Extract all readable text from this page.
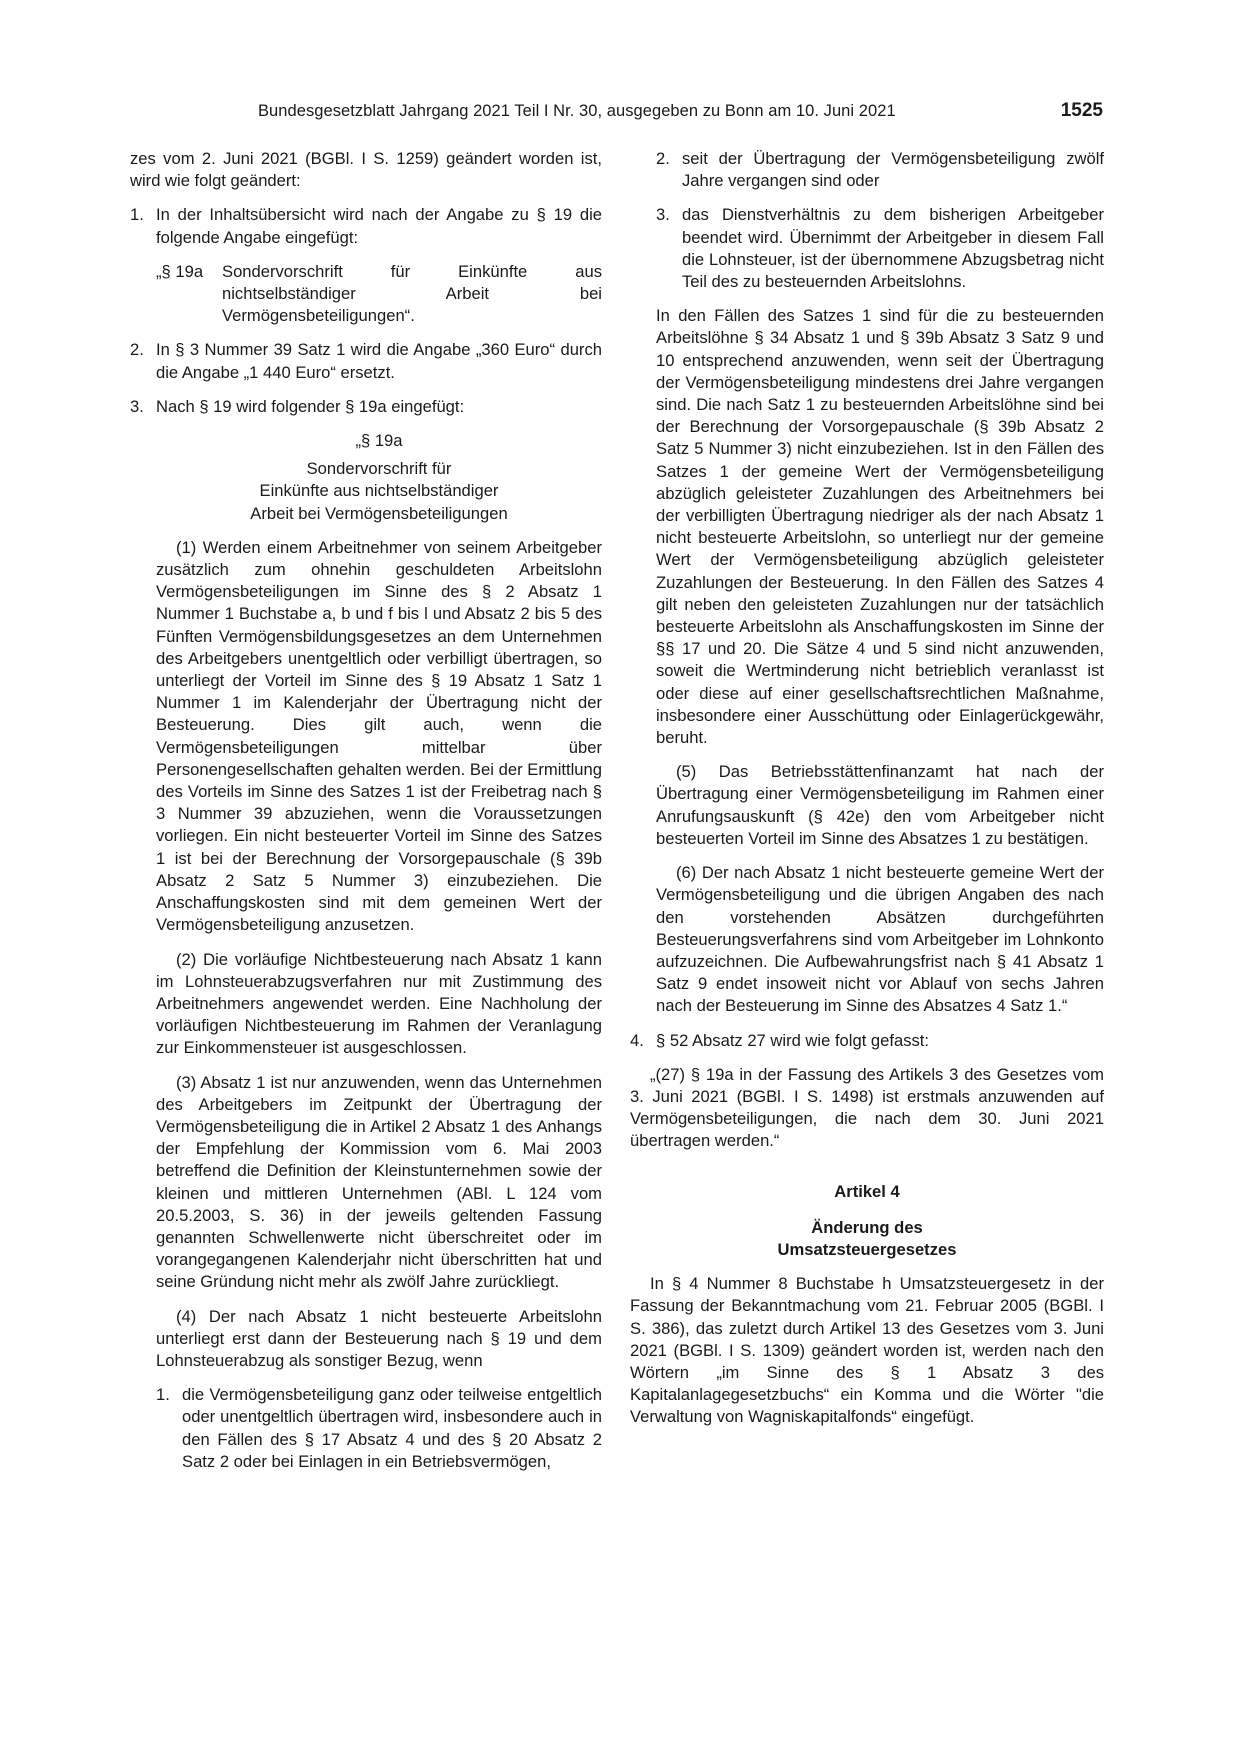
Bundesgesetzblatt Jahrgang 2021 Teil I Nr. 30, ausgegeben zu Bonn am 10. Juni 2021	1525

zes vom 2. Juni 2021 (BGBl. I S. 1259) geändert worden ist, wird wie folgt geändert:

1. In der Inhaltsübersicht wird nach der Angabe zu § 19 die folgende Angabe eingefügt:
„§ 19a	Sondervorschrift für Einkünfte aus nichtselbständiger Arbeit bei Vermögensbeteiligungen“.
2. In § 3 Nummer 39 Satz 1 wird die Angabe „360 Euro“ durch die Angabe „1 440 Euro“ ersetzt.
3. Nach § 19 wird folgender § 19a eingefügt:
„§ 19a
Sondervorschrift für
Einkünfte aus nichtselbständiger
Arbeit bei Vermögensbeteiligungen

(1) Werden einem Arbeitnehmer von seinem Arbeitgeber zusätzlich zum ohnehin geschuldeten Arbeitslohn Vermögensbeteiligungen im Sinne des § 2 Absatz 1 Nummer 1 Buchstabe a, b und f bis l und Absatz 2 bis 5 des Fünften Vermögensbildungsgesetzes an dem Unternehmen des Arbeitgebers unentgeltlich oder verbilligt übertragen, so unterliegt der Vorteil im Sinne des § 19 Absatz 1 Satz 1 Nummer 1 im Kalenderjahr der Übertragung nicht der Besteuerung. Dies gilt auch, wenn die Vermögensbeteiligungen mittelbar über Personengesellschaften gehalten werden. Bei der Ermittlung des Vorteils im Sinne des Satzes 1 ist der Freibetrag nach § 3 Nummer 39 abzuziehen, wenn die Voraussetzungen vorliegen. Ein nicht besteuerter Vorteil im Sinne des Satzes 1 ist bei der Berechnung der Vorsorgepauschale (§ 39b Absatz 2 Satz 5 Nummer 3) einzubeziehen. Die Anschaffungskosten sind mit dem gemeinen Wert der Vermögensbeteiligung anzusetzen.

(2) Die vorläufige Nichtbesteuerung nach Absatz 1 kann im Lohnsteuerabzugsverfahren nur mit Zustimmung des Arbeitnehmers angewendet werden. Eine Nachholung der vorläufigen Nichtbesteuerung im Rahmen der Veranlagung zur Einkommensteuer ist ausgeschlossen.

(3) Absatz 1 ist nur anzuwenden, wenn das Unternehmen des Arbeitgebers im Zeitpunkt der Übertragung der Vermögensbeteiligung die in Artikel 2 Absatz 1 des Anhangs der Empfehlung der Kommission vom 6. Mai 2003 betreffend die Definition der Kleinstunternehmen sowie der kleinen und mittleren Unternehmen (ABl. L 124 vom 20.5.2003, S. 36) in der jeweils geltenden Fassung genannten Schwellenwerte nicht überschreitet oder im vorangegangenen Kalenderjahr nicht überschritten hat und seine Gründung nicht mehr als zwölf Jahre zurückliegt.

(4) Der nach Absatz 1 nicht besteuerte Arbeitslohn unterliegt erst dann der Besteuerung nach § 19 und dem Lohnsteuerabzug als sonstiger Bezug, wenn

1. die Vermögensbeteiligung ganz oder teilweise entgeltlich oder unentgeltlich übertragen wird, insbesondere auch in den Fällen des § 17 Absatz 4 und des § 20 Absatz 2 Satz 2 oder bei Einlagen in ein Betriebsvermögen,
2. seit der Übertragung der Vermögensbeteiligung zwölf Jahre vergangen sind oder
3. das Dienstverhältnis zu dem bisherigen Arbeitgeber beendet wird. Übernimmt der Arbeitgeber in diesem Fall die Lohnsteuer, ist der übernommene Abzugsbetrag nicht Teil des zu besteuernden Arbeitslohns.

In den Fällen des Satzes 1 sind für die zu besteuernden Arbeitslöhne § 34 Absatz 1 und § 39b Absatz 3 Satz 9 und 10 entsprechend anzuwenden, wenn seit der Übertragung der Vermögensbeteiligung mindestens drei Jahre vergangen sind. Die nach Satz 1 zu besteuernden Arbeitslöhne sind bei der Berechnung der Vorsorgepauschale (§ 39b Absatz 2 Satz 5 Nummer 3) nicht einzubeziehen. Ist in den Fällen des Satzes 1 der gemeine Wert der Vermögensbeteiligung abzüglich geleisteter Zuzahlungen des Arbeitnehmers bei der verbilligten Übertragung niedriger als der nach Absatz 1 nicht besteuerte Arbeitslohn, so unterliegt nur der gemeine Wert der Vermögensbeteiligung abzüglich geleisteter Zuzahlungen der Besteuerung. In den Fällen des Satzes 4 gilt neben den geleisteten Zuzahlungen nur der tatsächlich besteuerte Arbeitslohn als Anschaffungskosten im Sinne der §§ 17 und 20. Die Sätze 4 und 5 sind nicht anzuwenden, soweit die Wertminderung nicht betrieblich veranlasst ist oder diese auf einer gesellschaftsrechtlichen Maßnahme, insbesondere einer Ausschüttung oder Einlagerückgewähr, beruht.

(5) Das Betriebsstättenfinanzamt hat nach der Übertragung einer Vermögensbeteiligung im Rahmen einer Anrufungsauskunft (§ 42e) den vom Arbeitgeber nicht besteuerten Vorteil im Sinne des Absatzes 1 zu bestätigen.

(6) Der nach Absatz 1 nicht besteuerte gemeine Wert der Vermögensbeteiligung und die übrigen Angaben des nach den vorstehenden Absätzen durchgeführten Besteuerungsverfahrens sind vom Arbeitgeber im Lohnkonto aufzuzeichnen. Die Aufbewahrungsfrist nach § 41 Absatz 1 Satz 9 endet insoweit nicht vor Ablauf von sechs Jahren nach der Besteuerung im Sinne des Absatzes 4 Satz 1.“

4. § 52 Absatz 27 wird wie folgt gefasst:

„(27) § 19a in der Fassung des Artikels 3 des Gesetzes vom 3. Juni 2021 (BGBl. I S. 1498) ist erstmals anzuwenden auf Vermögensbeteiligungen, die nach dem 30. Juni 2021 übertragen werden.“

Artikel 4
Änderung des
Umsatzsteuergesetzes

In § 4 Nummer 8 Buchstabe h Umsatzsteuergesetz in der Fassung der Bekanntmachung vom 21. Februar 2005 (BGBl. I S. 386), das zuletzt durch Artikel 13 des Gesetzes vom 3. Juni 2021 (BGBl. I S. 1309) geändert worden ist, werden nach den Wörtern „im Sinne des § 1 Absatz 3 des Kapitalanlagegesetzbuchs“ ein Komma und die Wörter "die Verwaltung von Wagniskapitalfonds“ eingefügt.
